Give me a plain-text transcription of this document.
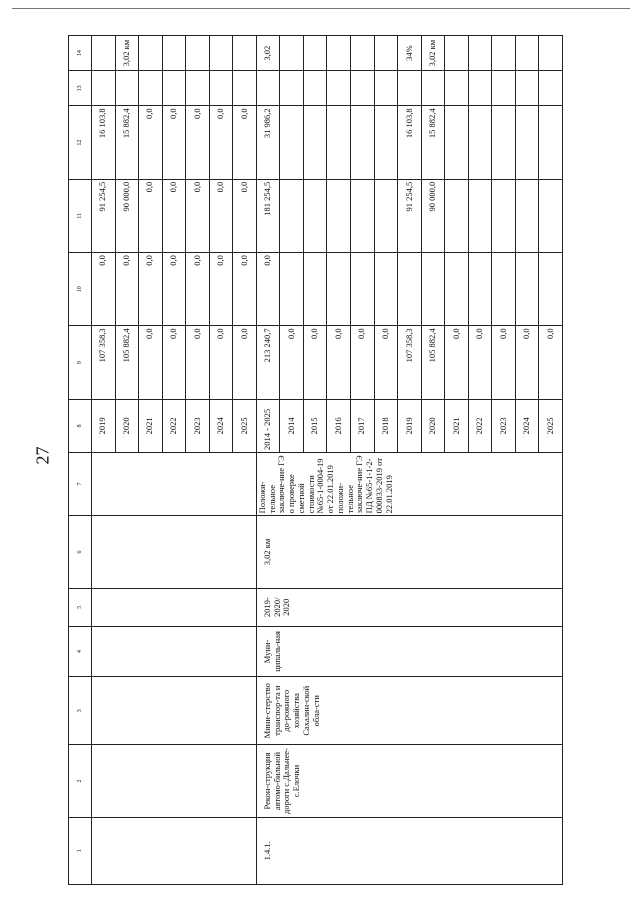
27
1	2	3	4	5	6	7	8	9	10	11	12	13	14
							2019	107 358,3	0,0	91 254,5	16 103,8		
							2020	105 882,4	0,0	90 000,0	15 882,4		3,02 км
							2021	0,0	0,0	0,0	0,0		
							2022	0,0	0,0	0,0	0,0		
							2023	0,0	0,0	0,0	0,0		
							2024	0,0	0,0	0,0	0,0		
							2025	0,0	0,0	0,0	0,0		
1.4.1.	Рекон-струкция автомо-бильной дороги с.Дальнее-с.Елочки	Мини-стерство транспор-та и до-рожного хозяйства Сахалин-ской обла-сти	Муни-ципаль-ная	2019-2020/ 2020	3,02 км	Положи-тельное заключе-ние ГЭ о проверке сметной стоимости №65-1-0004-19 от 22.01.2019 положи-тельное заключе-ние ГЭ ПД №65-1-1-2-000833-2019 от 22.01.2019	2014 - 2025	213 240,7	0,0	181 254,5	31 986,2		3,02
							2014	0,0					
							2015	0,0					
							2016	0,0					
							2017	0,0					
							2018	0,0					
							2019	107 358,3		91 254,5	16 103,8		34%
							2020	105 882,4		90 000,0	15 882,4		3,02 км
							2021	0,0					
							2022	0,0					
							2023	0,0					
							2024	0,0					
							2025	0,0					
